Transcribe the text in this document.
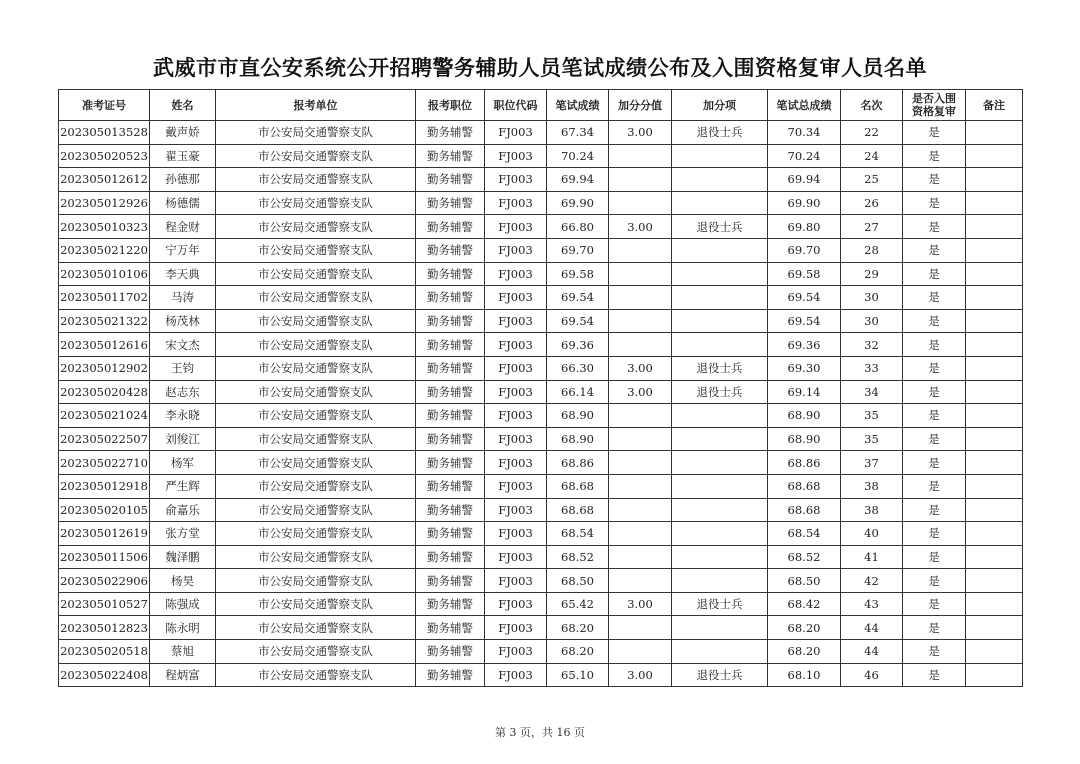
武威市市直公安系统公开招聘警务辅助人员笔试成绩公布及入围资格复审人员名单
准考证号	姓名	报考单位	报考职位	职位代码	笔试成绩	加分分值	加分项	笔试总成绩	名次	是否入围资格复审	备注
202305013528	戴声娇	市公安局交通警察支队	勤务辅警	FJ003	67.34	3.00	退役士兵	70.34	22	是	
202305020523	翟玉豪	市公安局交通警察支队	勤务辅警	FJ003	70.24			70.24	24	是	
202305012612	孙德那	市公安局交通警察支队	勤务辅警	FJ003	69.94			69.94	25	是	
202305012926	杨德儒	市公安局交通警察支队	勤务辅警	FJ003	69.90			69.90	26	是	
202305010323	程金财	市公安局交通警察支队	勤务辅警	FJ003	66.80	3.00	退役士兵	69.80	27	是	
202305021220	宁万年	市公安局交通警察支队	勤务辅警	FJ003	69.70			69.70	28	是	
202305010106	李天典	市公安局交通警察支队	勤务辅警	FJ003	69.58			69.58	29	是	
202305011702	马涛	市公安局交通警察支队	勤务辅警	FJ003	69.54			69.54	30	是	
202305021322	杨茂林	市公安局交通警察支队	勤务辅警	FJ003	69.54			69.54	30	是	
202305012616	宋文杰	市公安局交通警察支队	勤务辅警	FJ003	69.36			69.36	32	是	
202305012902	王钧	市公安局交通警察支队	勤务辅警	FJ003	66.30	3.00	退役士兵	69.30	33	是	
202305020428	赵志东	市公安局交通警察支队	勤务辅警	FJ003	66.14	3.00	退役士兵	69.14	34	是	
202305021024	李永晓	市公安局交通警察支队	勤务辅警	FJ003	68.90			68.90	35	是	
202305022507	刘俊江	市公安局交通警察支队	勤务辅警	FJ003	68.90			68.90	35	是	
202305022710	杨军	市公安局交通警察支队	勤务辅警	FJ003	68.86			68.86	37	是	
202305012918	严生辉	市公安局交通警察支队	勤务辅警	FJ003	68.68			68.68	38	是	
202305020105	俞嘉乐	市公安局交通警察支队	勤务辅警	FJ003	68.68			68.68	38	是	
202305012619	张方堂	市公安局交通警察支队	勤务辅警	FJ003	68.54			68.54	40	是	
202305011506	魏泽鹏	市公安局交通警察支队	勤务辅警	FJ003	68.52			68.52	41	是	
202305022906	杨昊	市公安局交通警察支队	勤务辅警	FJ003	68.50			68.50	42	是	
202305010527	陈强成	市公安局交通警察支队	勤务辅警	FJ003	65.42	3.00	退役士兵	68.42	43	是	
202305012823	陈永明	市公安局交通警察支队	勤务辅警	FJ003	68.20			68.20	44	是	
202305020518	蔡旭	市公安局交通警察支队	勤务辅警	FJ003	68.20			68.20	44	是	
202305022408	程炳富	市公安局交通警察支队	勤务辅警	FJ003	65.10	3.00	退役士兵	68.10	46	是	
第 3 页，共 16 页
